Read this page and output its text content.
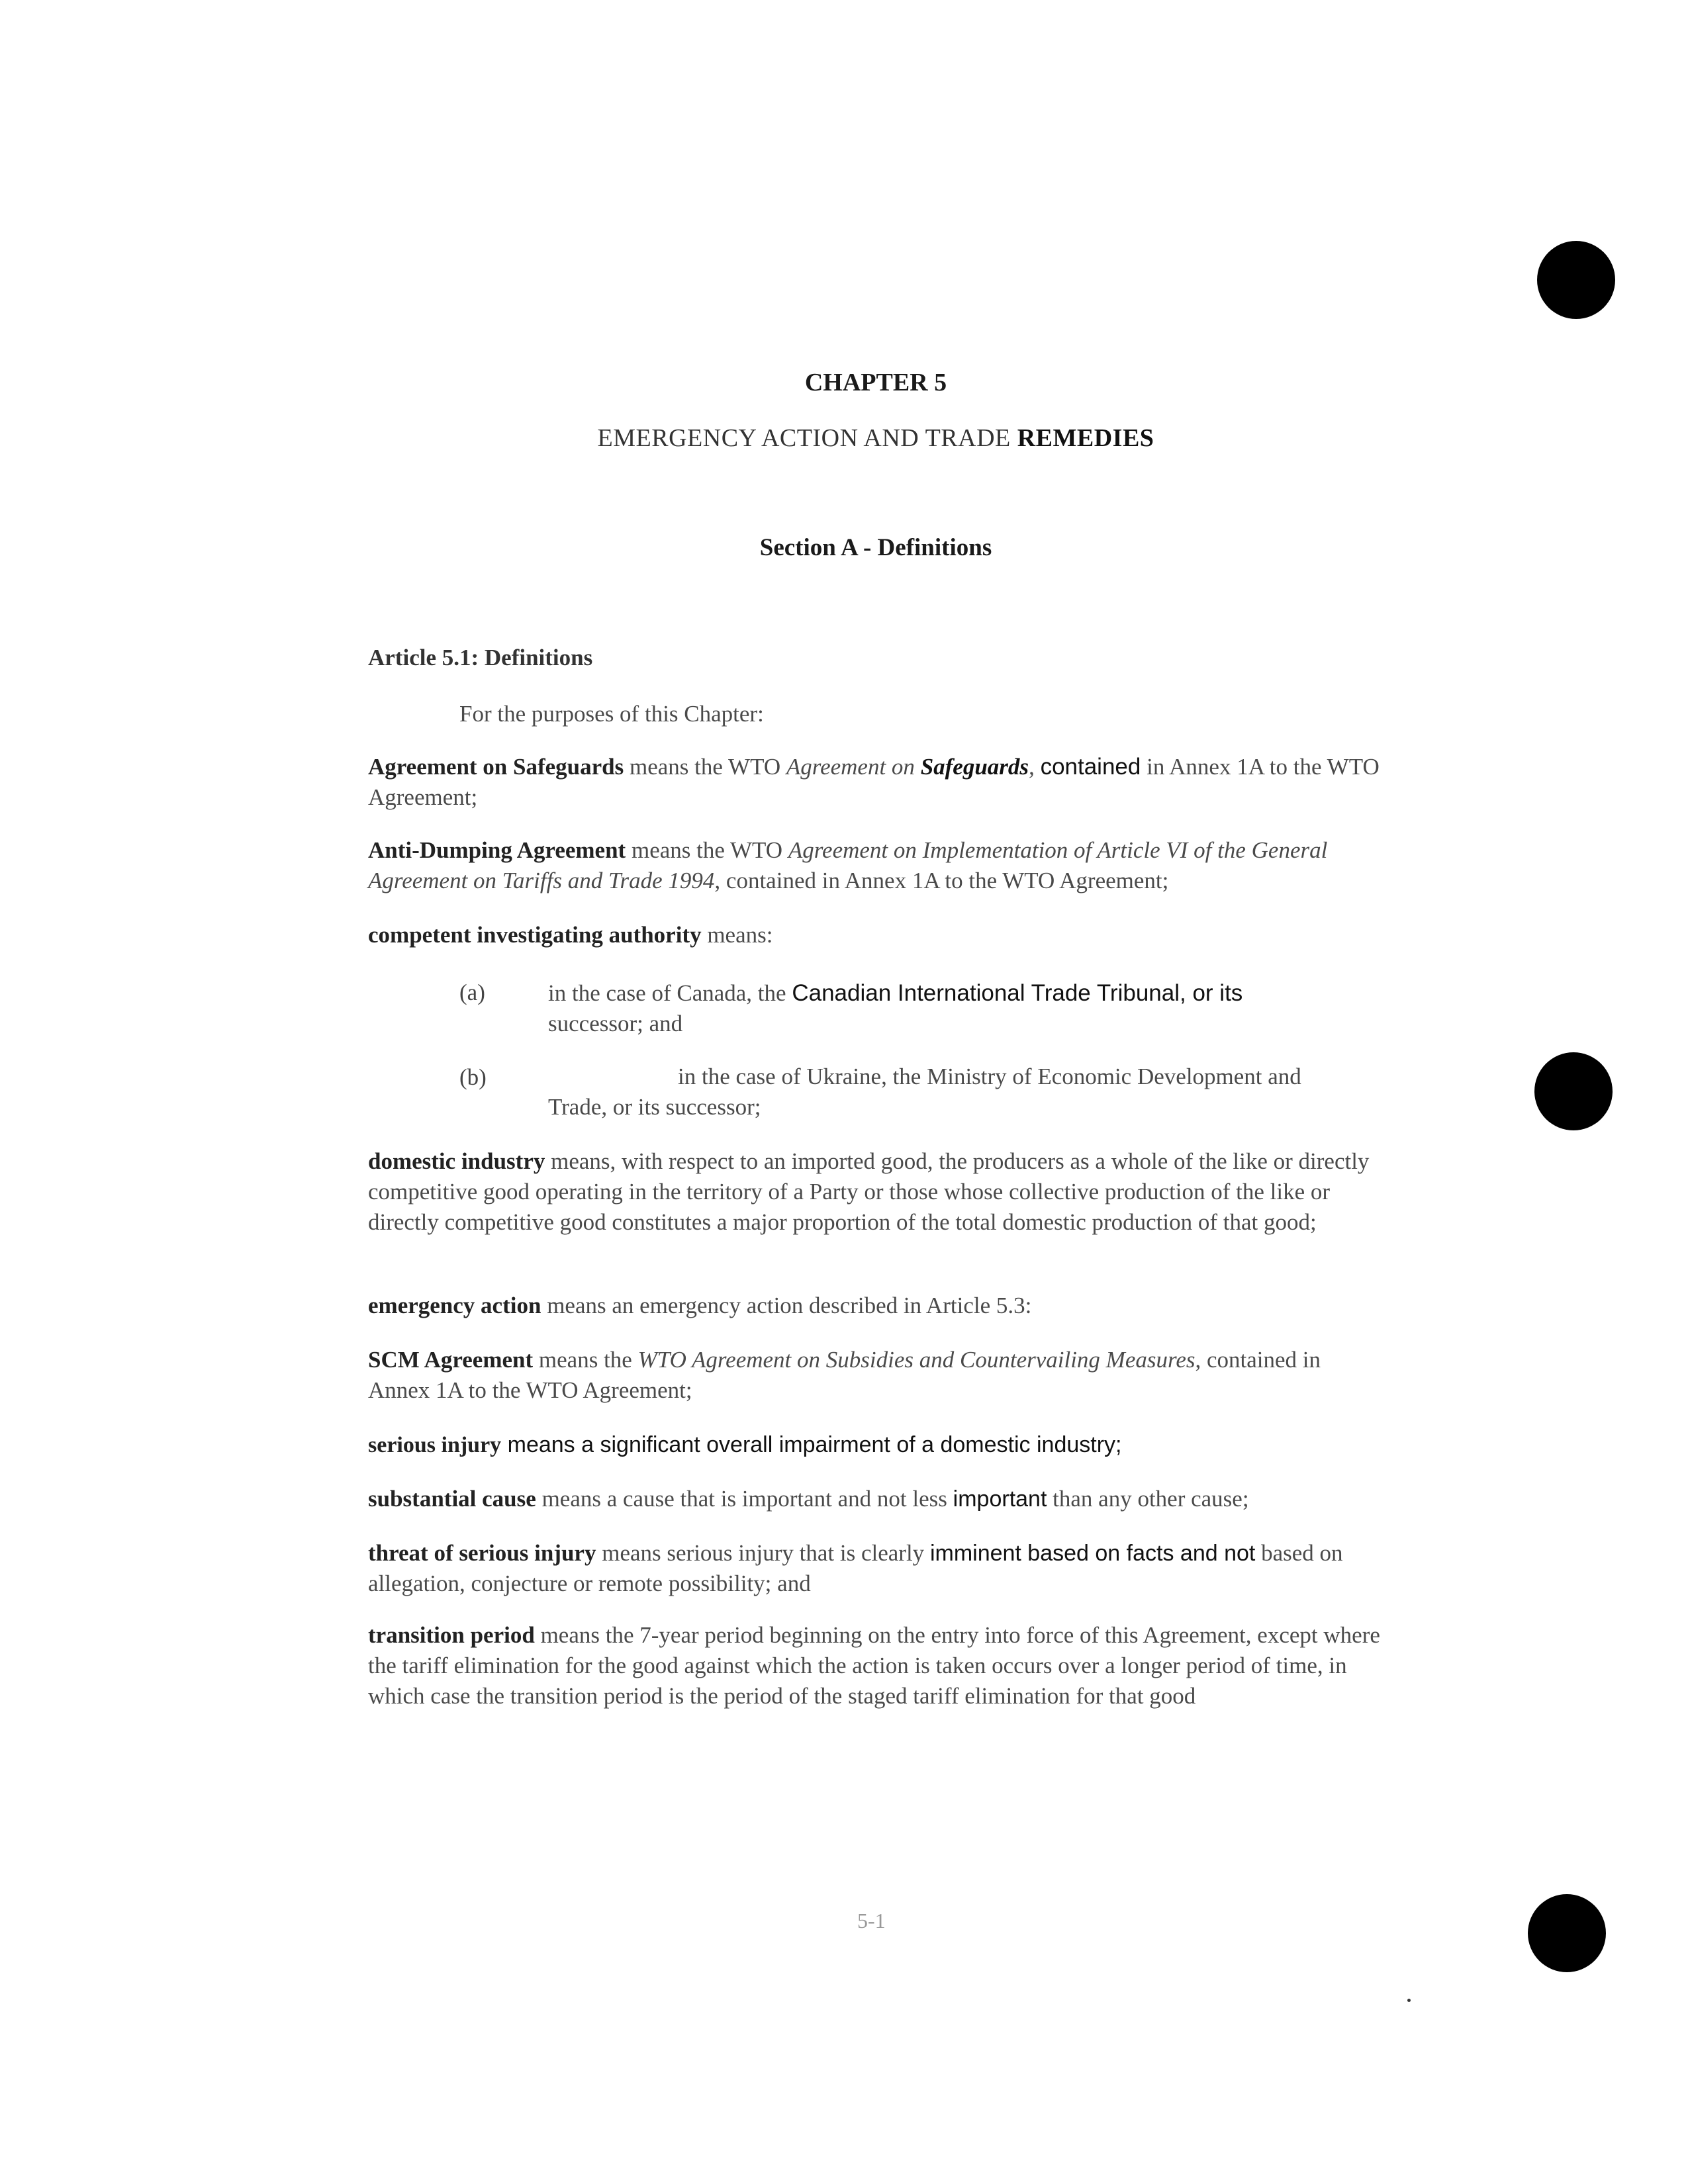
CHAPTER 5
EMERGENCY ACTION AND TRADE REMEDIES
Section A - Definitions
Article 5.1: Definitions
For the purposes of this Chapter:
Agreement on Safeguards means the WTO Agreement on Safeguards, contained in Annex 1A to the WTO Agreement;
Anti-Dumping Agreement means the WTO Agreement on Implementation of Article VI of the General Agreement on Tariffs and Trade 1994, contained in Annex 1A to the WTO Agreement;
competent investigating authority means:
(a)	in the case of Canada, the Canadian International Trade Tribunal, or its
successor; and
(b)	in the case of Ukraine, the Ministry of Economic Development and
Trade, or its successor;
domestic industry means, with respect to an imported good, the producers as a whole of the like or directly competitive good operating in the territory of a Party or those whose collective production of the like or directly competitive good constitutes a major proportion of the total domestic production of that good;
emergency action means an emergency action described in Article 5.3:
SCM Agreement means the WTO Agreement on Subsidies and Countervailing Measures, contained in Annex 1A to the WTO Agreement;
serious injury means a significant overall impairment of a domestic industry;
substantial cause means a cause that is important and not less important than any other cause;
threat of serious injury means serious injury that is clearly imminent based on facts and not based on allegation, conjecture or remote possibility; and
transition period means the 7-year period beginning on the entry into force of this Agreement, except where the tariff elimination for the good against which the action is taken occurs over a longer period of time, in which case the transition period is the period of the staged tariff elimination for that good
5-1
